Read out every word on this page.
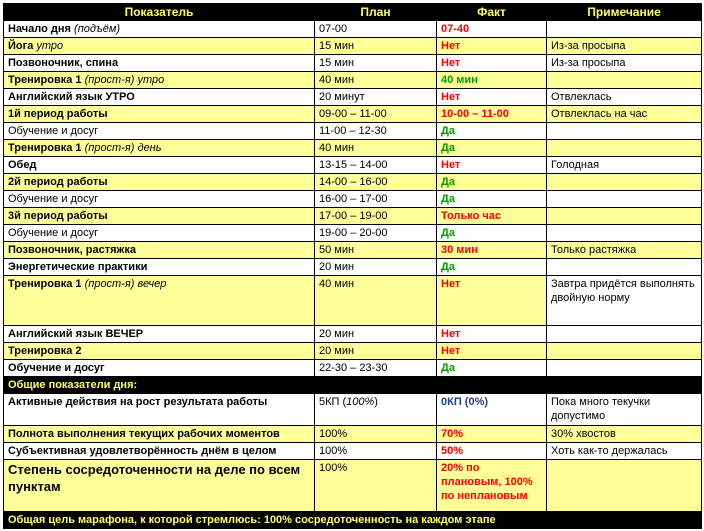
Показатель	План	Факт	Примечание
Начало дня (подъём)	07-00	07-40	
Йога утро	15 мин	Нет	Из-за просыпа
Позвоночник, спина	15 мин	Нет	Из-за просыпа
Тренировка 1 (прост-я) утро	40 мин	40 мин	
Английский язык УТРО	20 минут	Нет	Отвлеклась
1й период работы	09-00 – 11-00	10-00 – 11-00	Отвлеклась на час
Обучение и досуг	11-00 – 12-30	Да	
Тренировка 1 (прост-я) день	40 мин	Да	
Обед	13-15 – 14-00	Нет	Голодная
2й период работы	14-00 – 16-00	Да	
Обучение и досуг	16-00 – 17-00	Да	
3й период работы	17-00 – 19-00	Только час	
Обучение и досуг	19-00 – 20-00	Да	
Позвоночник, растяжка	50 мин	30 мин	Только растяжка
Энергетические практики	20 мин	Да	
Тренировка 1 (прост-я) вечер	40 мин	Нет	Завтра придётся выполнять двойную норму
Английский язык ВЕЧЕР	20 мин	Нет	
Тренировка 2	20 мин	Нет	
Обучение и досуг	22-30 – 23-30	Да	
Общие показатели дня:			
Активные действия на рост результата работы	5КП (100%)	0КП (0%)	Пока много текучки допустимо
Полнота выполнения текущих рабочих моментов	100%	70%	30% хвостов
Субъективная удовлетворённость днём в целом	100%	50%	Хоть как-то держалась
Степень сосредоточенности на деле по всем пунктам	100%	20% по плановым, 100% по неплановым	
Общая цель марафона, к которой стремлюсь: 100% сосредоточенность на каждом этапе			
